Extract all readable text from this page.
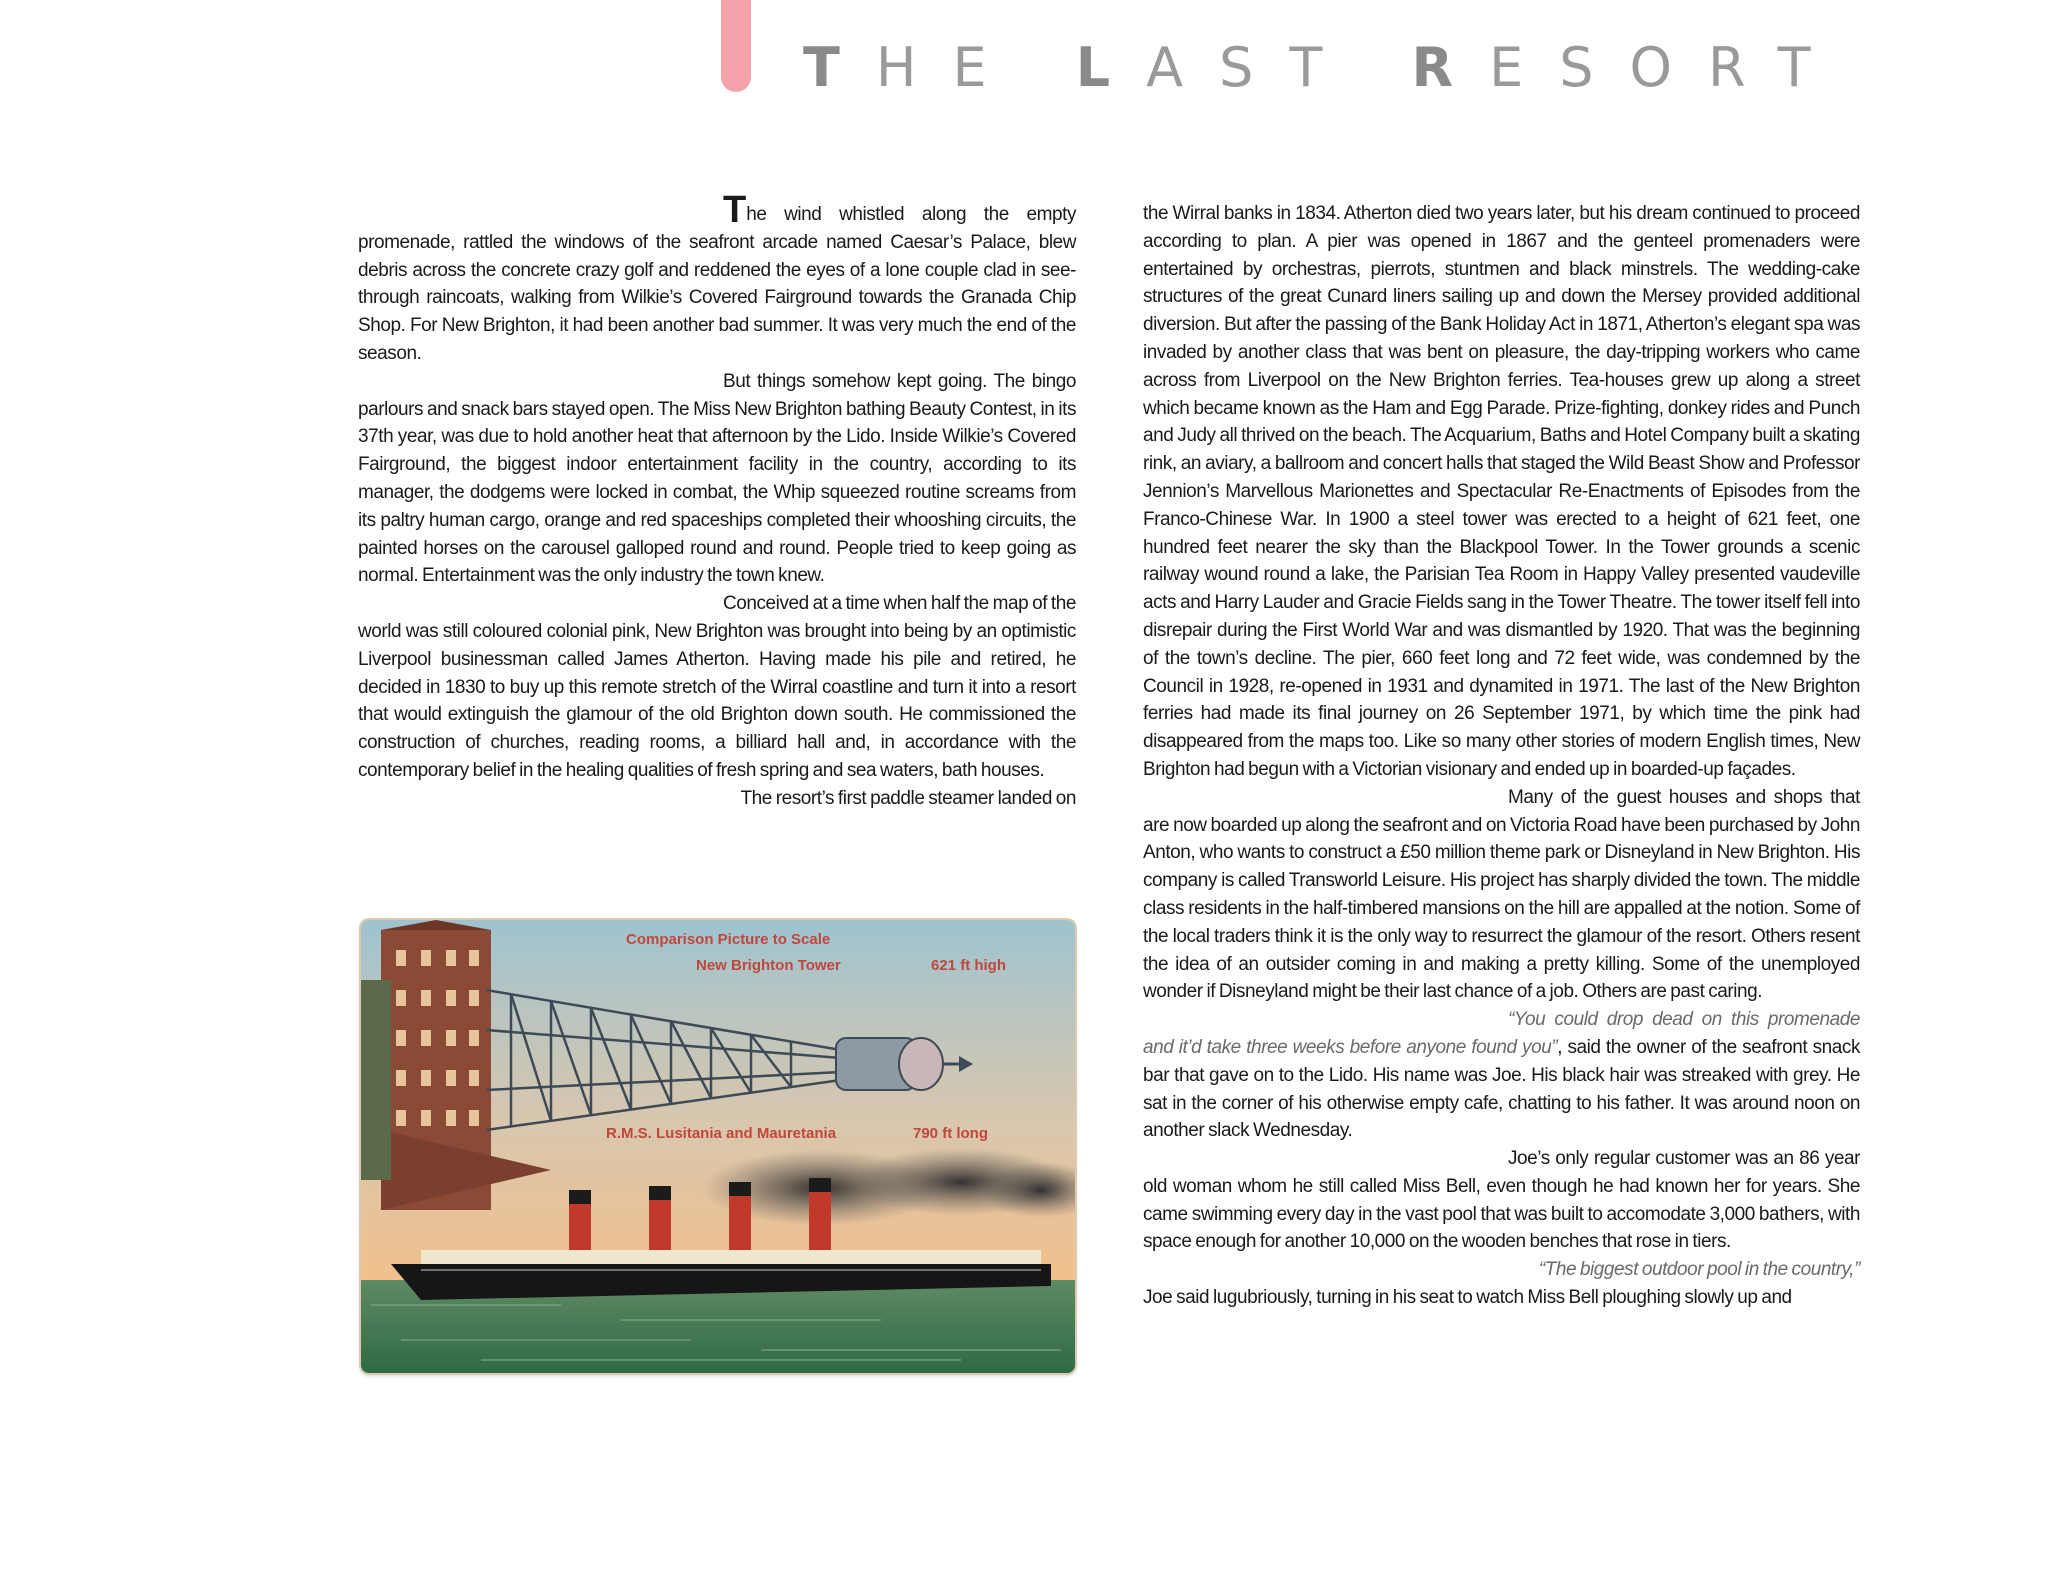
THE LAST RESORT

The wind whistled along the empty promenade, rattled the windows of the seafront arcade named Caesar’s Palace, blew debris across the concrete crazy golf and reddened the eyes of a lone couple clad in see-through raincoats, walking from Wilkie’s Covered Fairground towards the Granada Chip Shop. For New Brighton, it had been another bad summer. It was very much the end of the season.

But things somehow kept going. The bingo parlours and snack bars stayed open. The Miss New Brighton bathing Beauty Contest, in its 37th year, was due to hold another heat that afternoon by the Lido. Inside Wilkie’s Covered Fairground, the biggest indoor entertainment facility in the country, according to its manager, the dodgems were locked in combat, the Whip squeezed routine screams from its paltry human cargo, orange and red spaceships completed their whooshing circuits, the painted horses on the carousel galloped round and round. People tried to keep going as normal. Entertainment was the only industry the town knew.

Conceived at a time when half the map of the world was still coloured colonial pink, New Brighton was brought into being by an optimistic Liverpool businessman called James Atherton. Having made his pile and retired, he decided in 1830 to buy up this remote stretch of the Wirral coastline and turn it into a resort that would extinguish the glamour of the old Brighton down south. He commissioned the construction of churches, reading rooms, a billiard hall and, in accordance with the contemporary belief in the healing qualities of fresh spring and sea waters, bath houses.

The resort’s first paddle steamer landed on

Comparison Picture to Scale
New Brighton Tower	621 ft high
R.M.S. Lusitania and Mauretania	790 ft long

the Wirral banks in 1834. Atherton died two years later, but his dream continued to proceed according to plan. A pier was opened in 1867 and the genteel promenaders were entertained by orchestras, pierrots, stuntmen and black minstrels. The wedding-cake structures of the great Cunard liners sailing up and down the Mersey provided additional diversion. But after the passing of the Bank Holiday Act in 1871, Atherton’s elegant spa was invaded by another class that was bent on pleasure, the day-tripping workers who came across from Liverpool on the New Brighton ferries. Tea-houses grew up along a street which became known as the Ham and Egg Parade. Prize-fighting, donkey rides and Punch and Judy all thrived on the beach. The Acquarium, Baths and Hotel Company built a skating rink, an aviary, a ballroom and concert halls that staged the Wild Beast Show and Professor Jennion’s Marvellous Marionettes and Spectacular Re-Enactments of Episodes from the Franco-Chinese War. In 1900 a steel tower was erected to a height of 621 feet, one hundred feet nearer the sky than the Blackpool Tower. In the Tower grounds a scenic railway wound round a lake, the Parisian Tea Room in Happy Valley presented vaudeville acts and Harry Lauder and Gracie Fields sang in the Tower Theatre. The tower itself fell into disrepair during the First World War and was dismantled by 1920. That was the beginning of the town’s decline. The pier, 660 feet long and 72 feet wide, was condemned by the Council in 1928, re-opened in 1931 and dynamited in 1971. The last of the New Brighton ferries had made its final journey on 26 September 1971, by which time the pink had disappeared from the maps too. Like so many other stories of modern English times, New Brighton had begun with a Victorian visionary and ended up in boarded-up façades.

Many of the guest houses and shops that are now boarded up along the seafront and on Victoria Road have been purchased by John Anton, who wants to construct a £50 million theme park or Disneyland in New Brighton. His company is called Transworld Leisure. His project has sharply divided the town. The middle class residents in the half-timbered mansions on the hill are appalled at the notion. Some of the local traders think it is the only way to resurrect the glamour of the resort. Others resent the idea of an outsider coming in and making a pretty killing. Some of the unemployed wonder if Disneyland might be their last chance of a job. Others are past caring.

“You could drop dead on this promenade and it’d take three weeks before anyone found you”, said the owner of the seafront snack bar that gave on to the Lido. His name was Joe. His black hair was streaked with grey. He sat in the corner of his otherwise empty cafe, chatting to his father. It was around noon on another slack Wednesday.

Joe’s only regular customer was an 86 year old woman whom he still called Miss Bell, even though he had known her for years. She came swimming every day in the vast pool that was built to accomodate 3,000 bathers, with space enough for another 10,000 on the wooden benches that rose in tiers.

“The biggest outdoor pool in the country,”
Joe said lugubriously, turning in his seat to watch Miss Bell ploughing slowly up and
